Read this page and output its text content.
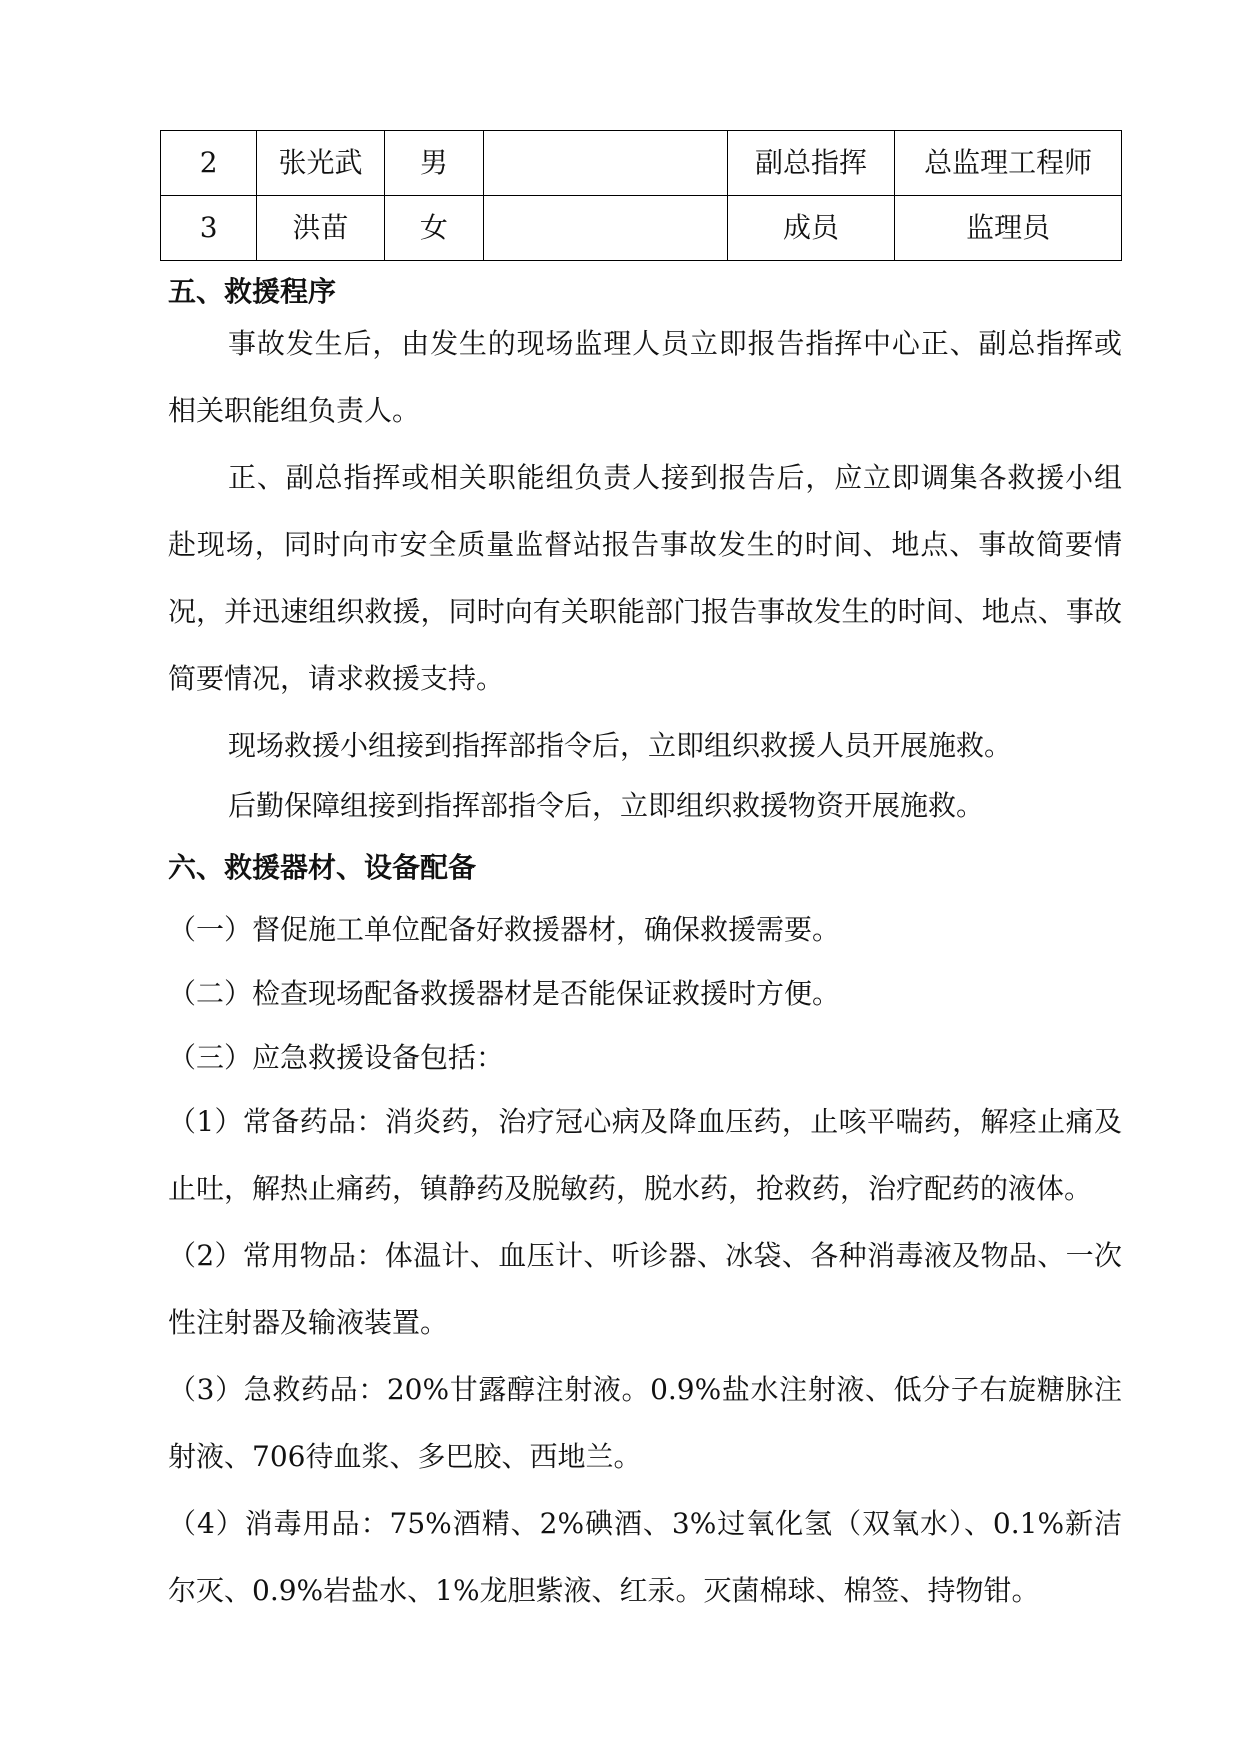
2	张光武	男		副总指挥	总监理工程师
3	洪苗	女		成员	监理员
五、救援程序

事故发生后，由发生的现场监理人员立即报告指挥中心正、副总指挥或相关职能组负责人。

正、副总指挥或相关职能组负责人接到报告后，应立即调集各救援小组赴现场，同时向市安全质量监督站报告事故发生的时间、地点、事故简要情况，并迅速组织救援，同时向有关职能部门报告事故发生的时间、地点、事故简要情况，请求救援支持。

现场救援小组接到指挥部指令后，立即组织救援人员开展施救。
后勤保障组接到指挥部指令后，立即组织救援物资开展施救。
六、救援器材、设备配备
（一）督促施工单位配备好救援器材，确保救援需要。
（二）检查现场配备救援器材是否能保证救援时方便。
（三）应急救援设备包括：

（1）常备药品：消炎药，治疗冠心病及降血压药，止咳平喘药，解痉止痛及止吐，解热止痛药，镇静药及脱敏药，脱水药，抢救药，治疗配药的液体。

（2）常用物品：体温计、血压计、听诊器、冰袋、各种消毒液及物品、一次性注射器及输液装置。

（3）急救药品：20%甘露醇注射液。0.9%盐水注射液、低分子右旋糖脉注射液、706待血浆、多巴胶、西地兰。

（4）消毒用品：75%酒精、2%碘酒、3%过氧化氢（双氧水）、0.1%新洁尔灭、0.9%岩盐水、1%龙胆紫液、红汞。灭菌棉球、棉签、持物钳。
